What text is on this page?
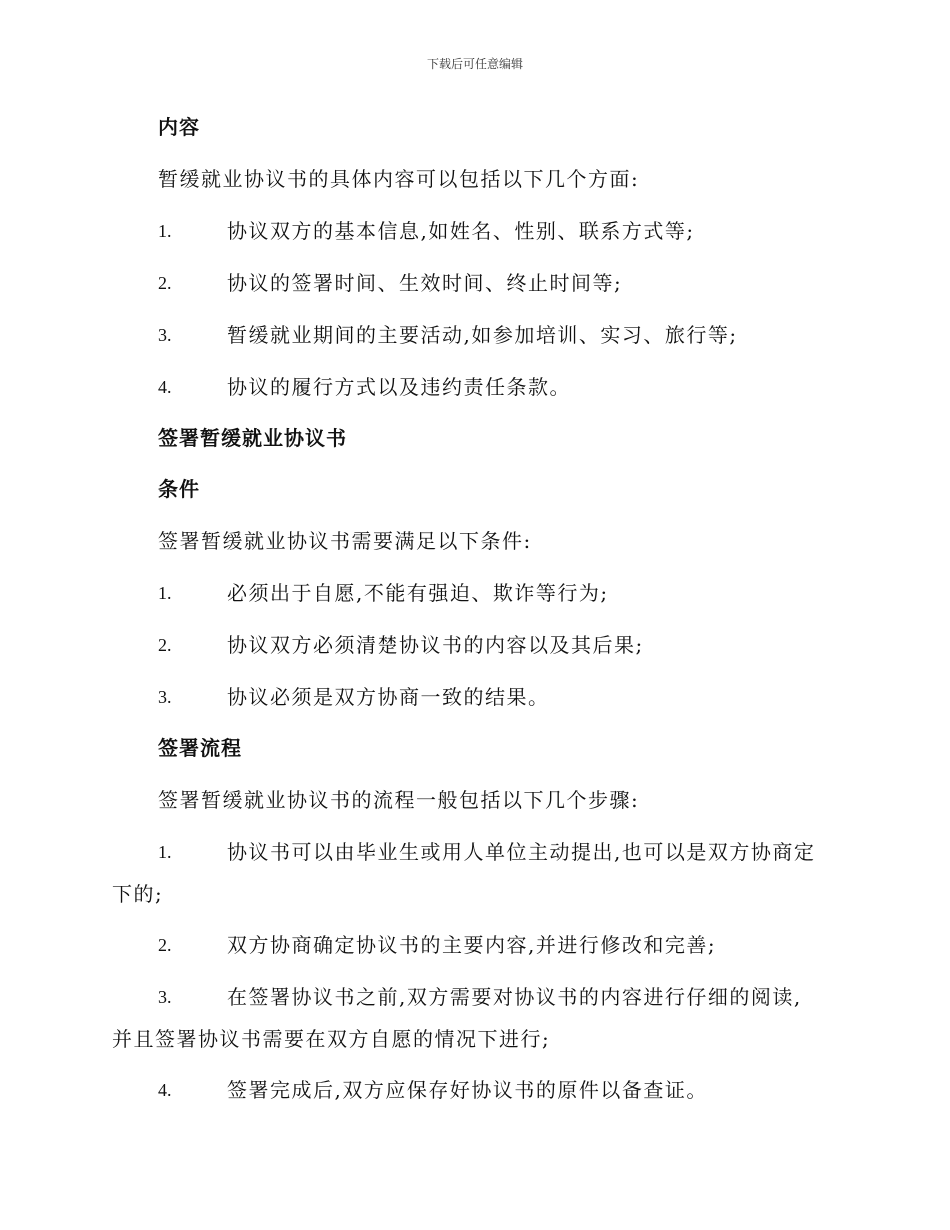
下载后可任意编辑
内容
暂缓就业协议书的具体内容可以包括以下几个方面:
1.	协议双方的基本信息,如姓名、性别、联系方式等;
2.	协议的签署时间、生效时间、终止时间等;
3.	暂缓就业期间的主要活动,如参加培训、实习、旅行等;
4.	协议的履行方式以及违约责任条款。
签署暂缓就业协议书
条件
签署暂缓就业协议书需要满足以下条件:
1.	必须出于自愿,不能有强迫、欺诈等行为;
2.	协议双方必须清楚协议书的内容以及其后果;
3.	协议必须是双方协商一致的结果。
签署流程
签署暂缓就业协议书的流程一般包括以下几个步骤:
1.	协议书可以由毕业生或用人单位主动提出,也可以是双方协商定
下的;
2.	双方协商确定协议书的主要内容,并进行修改和完善;
3.	在签署协议书之前,双方需要对协议书的内容进行仔细的阅读,
并且签署协议书需要在双方自愿的情况下进行;
4.	签署完成后,双方应保存好协议书的原件以备查证。
